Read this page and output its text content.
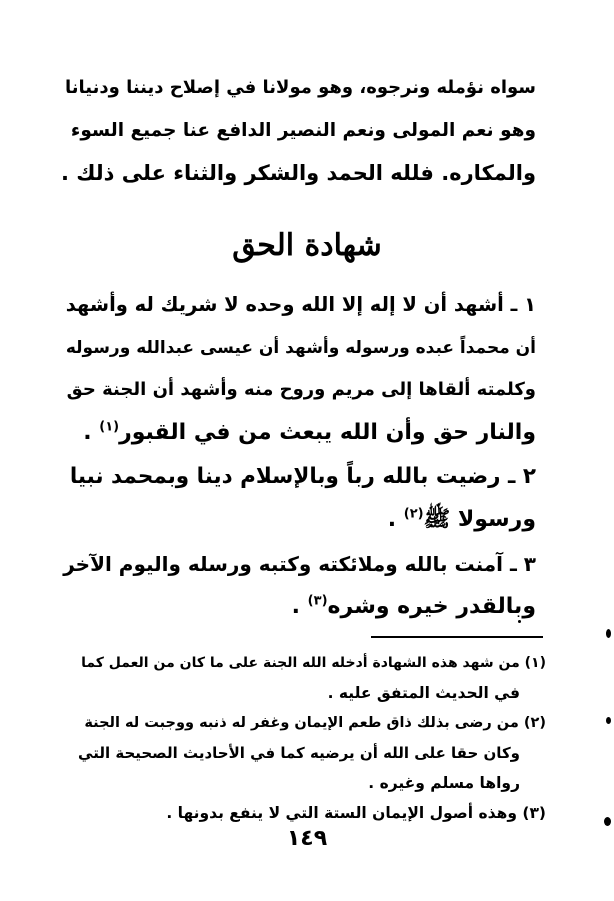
سواه نؤمله ونرجوه، وهو مولانا في إصلاح ديننا ودنيانا
وهو نعم المولى ونعم النصير الدافع عنا جميع السوء
والمكاره. فلله الحمد والشكر والثناء على ذلك .
شهادة الحق
١ ـ أشهد أن لا إله إلا الله وحده لا شريك له وأشهد
أن محمداً عبده ورسوله وأشهد أن عيسى عبدالله ورسوله
وكلمته ألقاها إلى مريم وروح منه وأشهد أن الجنة حق
والنار حق وأن الله يبعث من في القبور$^{(١)}$ .
٢ ـ رضيت بالله رباً وبالإسلام دينا وبمحمد نبيا
ورسولا ﷺ$^{(٢)}$ .
٣ ـ آمنت بالله وملائكته وكتبه ورسله واليوم الآخر
وبالقدر خيره وشره$^{(٣)}$ .
(١) من شهد هذه الشهادة أدخله الله الجنة على ما كان من العمل كما
في الحديث المتفق عليه .
(٢) من رضى بذلك ذاق طعم الإيمان وغفر له ذنبه ووجبت له الجنة
وكان حقا على الله أن يرضيه كما في الأحاديث الصحيحة التي
رواها مسلم وغيره .
(٣) وهذه أصول الإيمان الستة التي لا ينفع بدونها .
١٤٩
